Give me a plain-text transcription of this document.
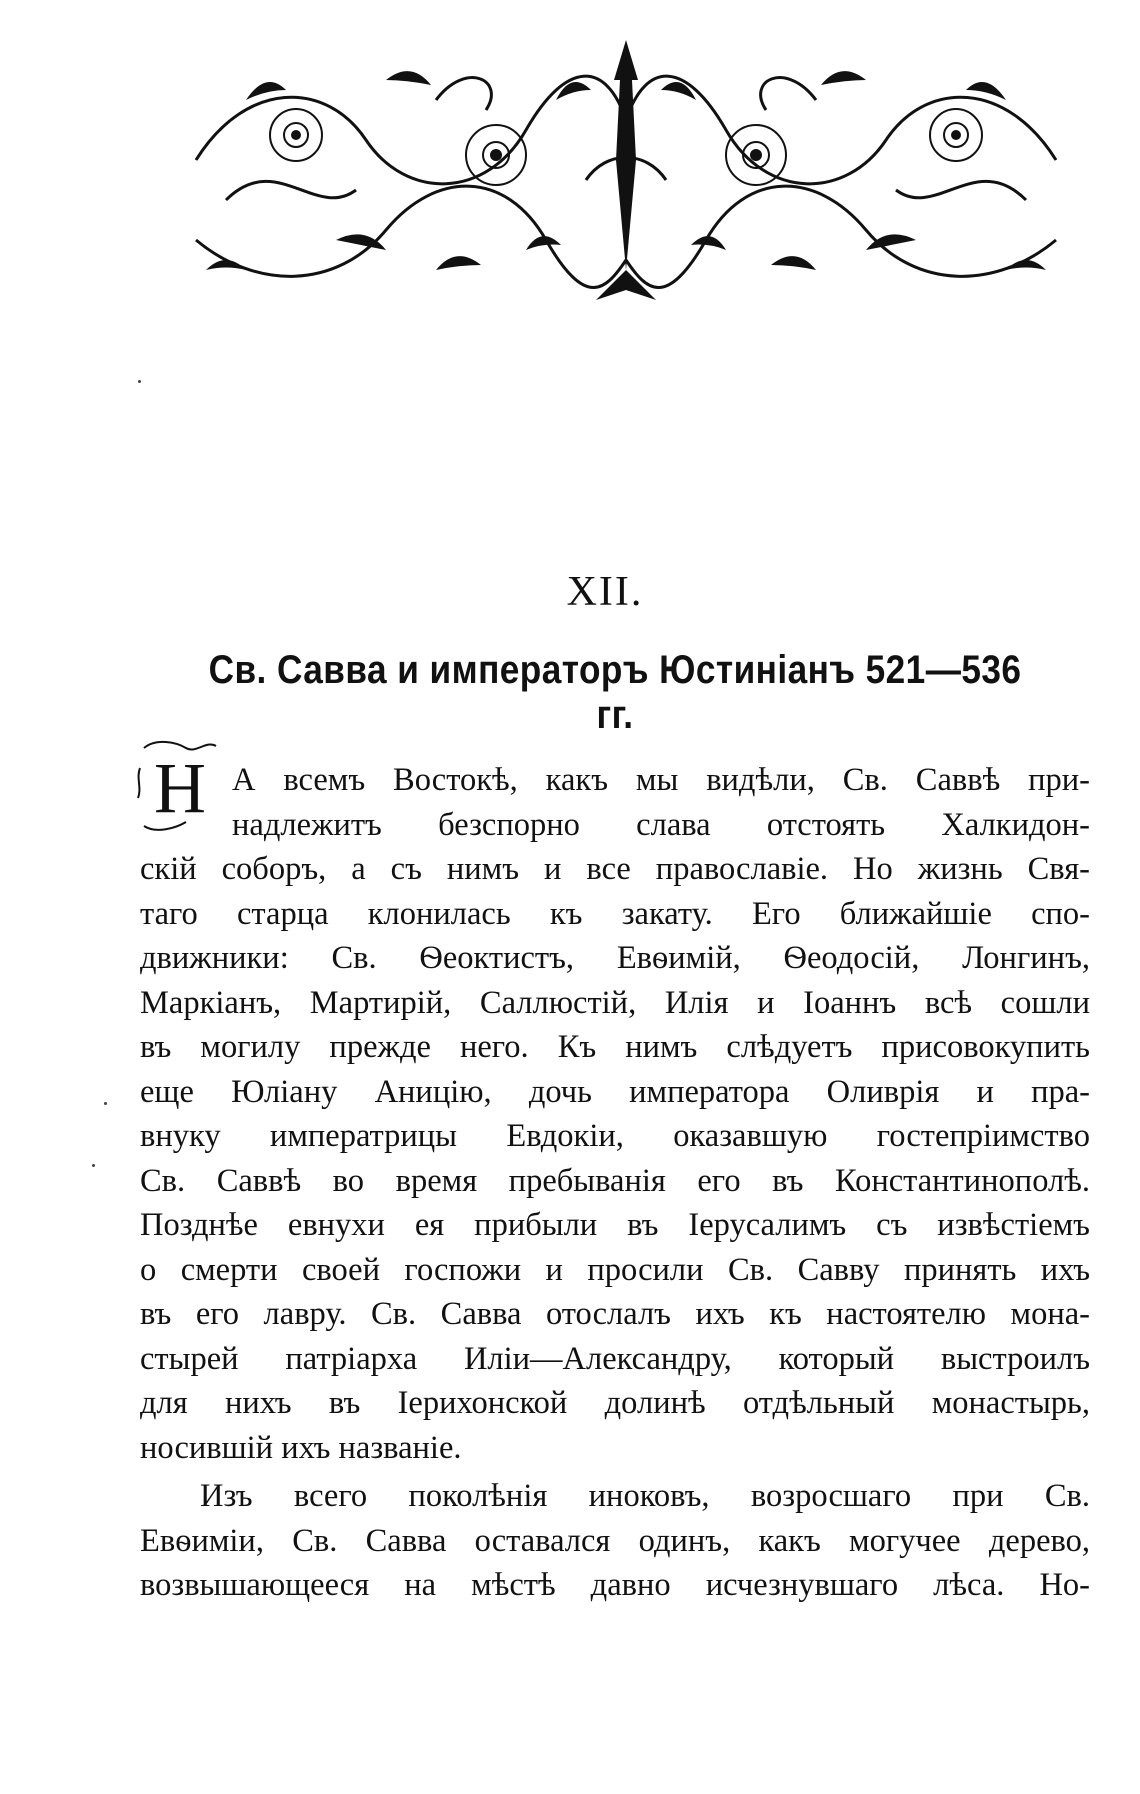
XII.
Св. Савва и императоръ Юстиніанъ 521—536 гг.
Н А всемъ Востокѣ, какъ мы видѣли, Св. Саввѣ при-
надлежитъ безспорно слава отстоять Халкидон-
скій соборъ, а съ нимъ и все православіе. Но жизнь Свя-
таго старца клонилась къ закату. Его ближайшіе спо-
движники: Св. Ѳеоктистъ, Евѳимій, Ѳеодосій, Лонгинъ,
Маркіанъ, Мартирій, Саллюстій, Илія и Іоаннъ всѣ сошли
въ могилу прежде него. Къ нимъ слѣдуетъ присовокупить
еще Юліану Аницію, дочь императора Оливрія и пра-
внуку императрицы Евдокіи, оказавшую гостепріимство
Св. Саввѣ во время пребыванія его въ Константинополѣ.
Позднѣе евнухи ея прибыли въ Іерусалимъ съ извѣстіемъ
о смерти своей госпожи и просили Св. Савву принять ихъ
въ его лавру. Св. Савва отослалъ ихъ къ настоятелю мона-
стырей патріарха Иліи—Александру, который выстроилъ
для нихъ въ Іерихонской долинѣ отдѣльный монастырь,
носившій ихъ названіе.
Изъ всего поколѣнія иноковъ, возросшаго при Св.
Евѳиміи, Св. Савва оставался одинъ, какъ могучее дерево,
возвышающееся на мѣстѣ давно исчезнувшаго лѣса. Но-
